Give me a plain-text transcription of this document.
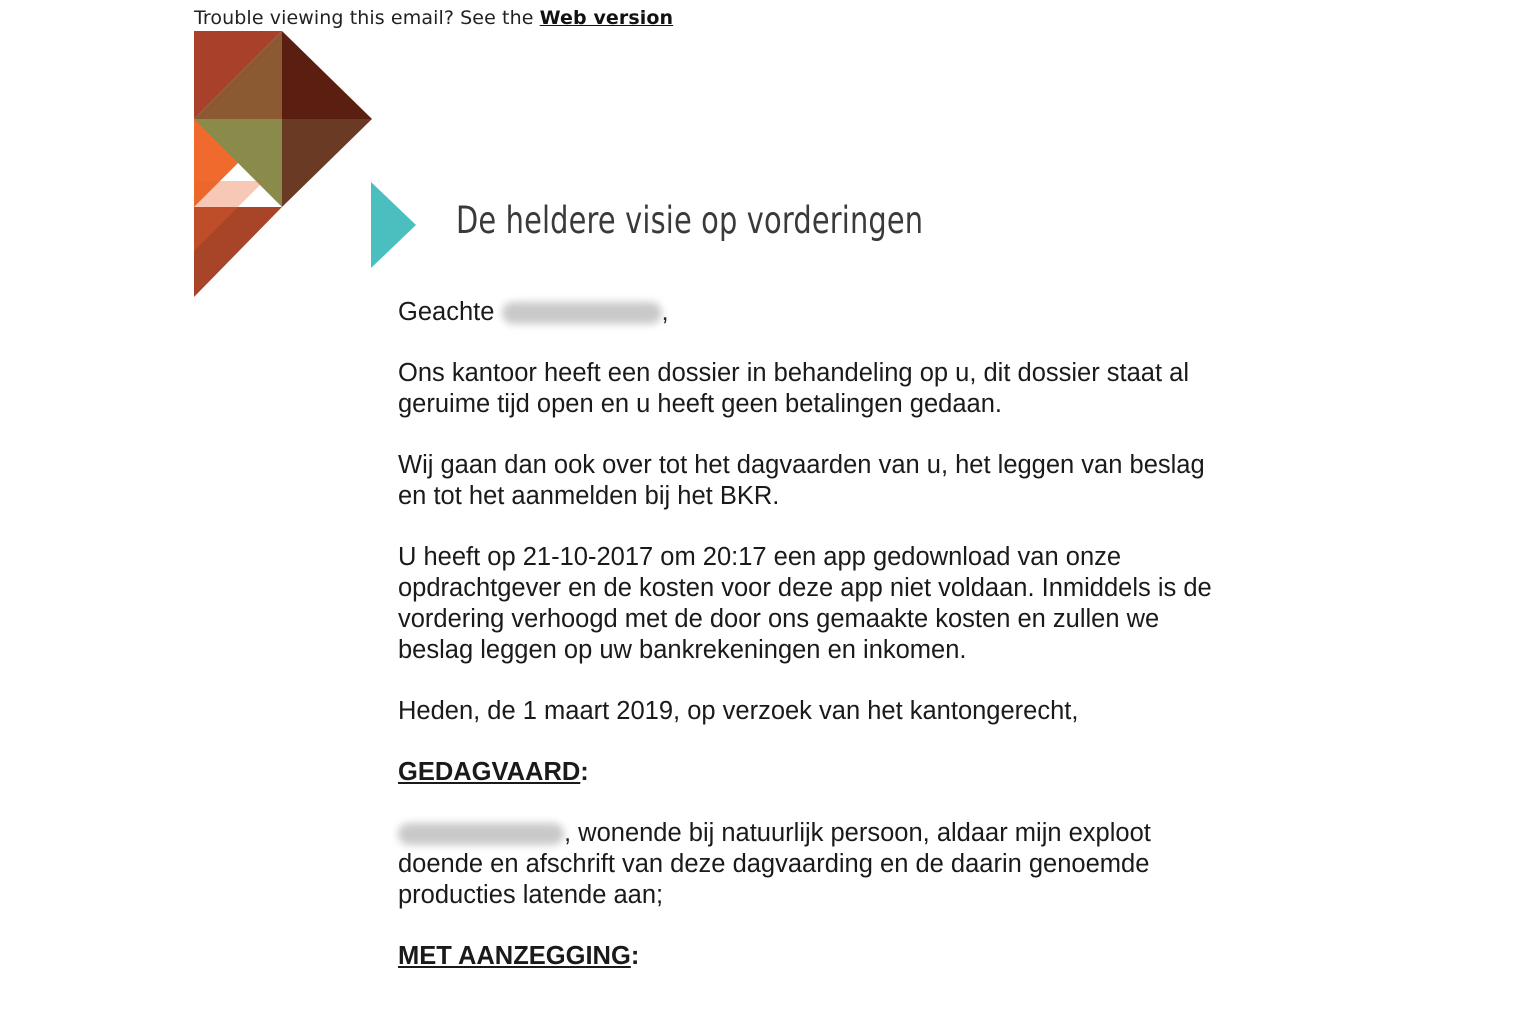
Trouble viewing this email? See the Web version
De heldere visie op vorderingen

Geachte	,

Ons kantoor heeft een dossier in behandeling op u, dit dossier staat al geruime tijd open en u heeft geen betalingen gedaan.

Wij gaan dan ook over tot het dagvaarden van u, het leggen van beslag en tot het aanmelden bij het BKR.

U heeft op 21-10-2017 om 20:17 een app gedownload van onze opdrachtgever en de kosten voor deze app niet voldaan. Inmiddels is de vordering verhoogd met de door ons gemaakte kosten en zullen we beslag leggen op uw bankrekeningen en inkomen.

Heden, de 1 maart 2019, op verzoek van het kantongerecht,

GEDAGVAARD:

, wonende bij natuurlijk persoon, aldaar mijn exploot doende en afschrift van deze dagvaarding en de daarin genoemde producties latende aan;

MET AANZEGGING:
